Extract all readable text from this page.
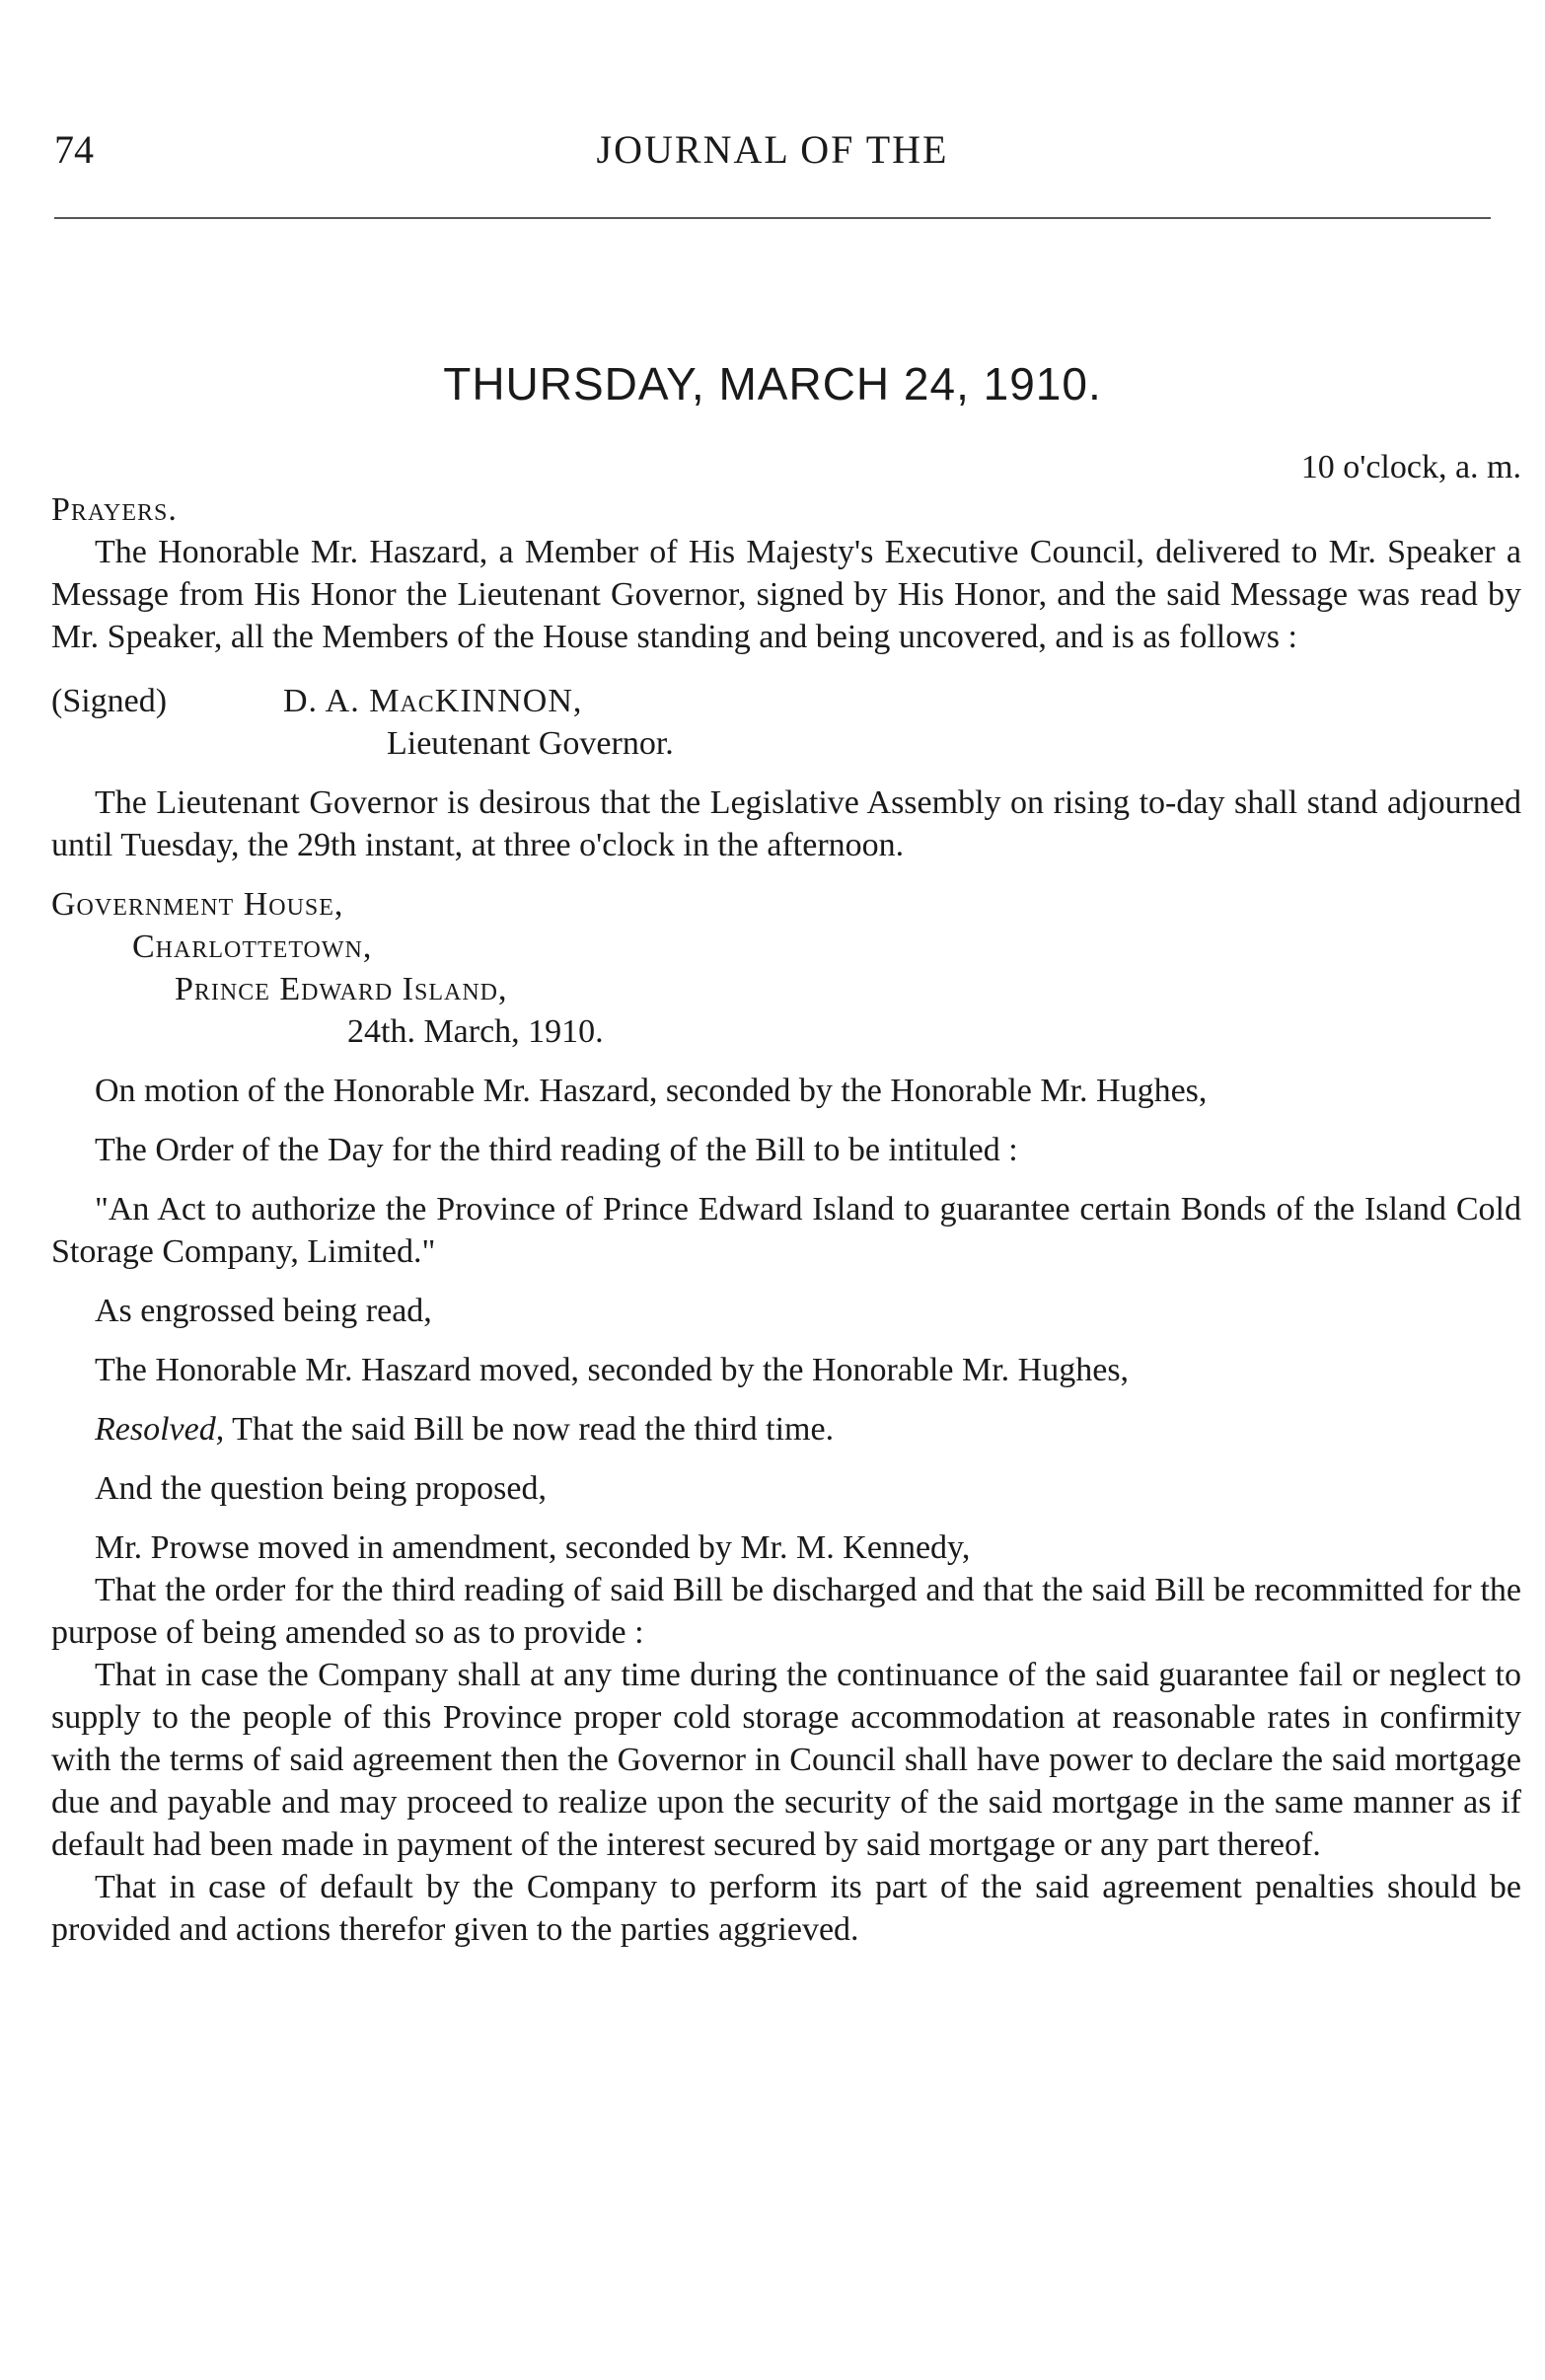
74	JOURNAL OF THE
THURSDAY, MARCH 24, 1910.

10 o'clock, a. m.

Prayers.

The Honorable Mr. Haszard, a Member of His Majesty's Executive Council, delivered to Mr. Speaker a Message from His Honor the Lieutenant Governor, signed by His Honor, and the said Message was read by Mr. Speaker, all the Members of the House standing and being uncovered, and is as follows :

(Signed)	D. A. MacKINNON,

Lieutenant Governor.

The Lieutenant Governor is desirous that the Legislative Assembly on rising to-day shall stand adjourned until Tuesday, the 29th instant, at three o'clock in the afternoon.

Government House,

Charlottetown,

Prince Edward Island,

24th. March, 1910.

On motion of the Honorable Mr. Haszard, seconded by the Honorable Mr. Hughes,

The Order of the Day for the third reading of the Bill to be intituled :

"An Act to authorize the Province of Prince Edward Island to guarantee certain Bonds of the Island Cold Storage Company, Limited."

As engrossed being read,

The Honorable Mr. Haszard moved, seconded by the Honorable Mr. Hughes,

Resolved, That the said Bill be now read the third time.

And the question being proposed,

Mr. Prowse moved in amendment, seconded by Mr. M. Kennedy,

That the order for the third reading of said Bill be discharged and that the said Bill be recommitted for the purpose of being amended so as to provide :

That in case the Company shall at any time during the continuance of the said guarantee fail or neglect to supply to the people of this Province proper cold storage accommodation at reasonable rates in confirmity with the terms of said agreement then the Governor in Council shall have power to declare the said mortgage due and payable and may proceed to realize upon the security of the said mortgage in the same manner as if default had been made in payment of the interest secured by said mortgage or any part thereof.

That in case of default by the Company to perform its part of the said agreement penalties should be provided and actions therefor given to the parties aggrieved.
